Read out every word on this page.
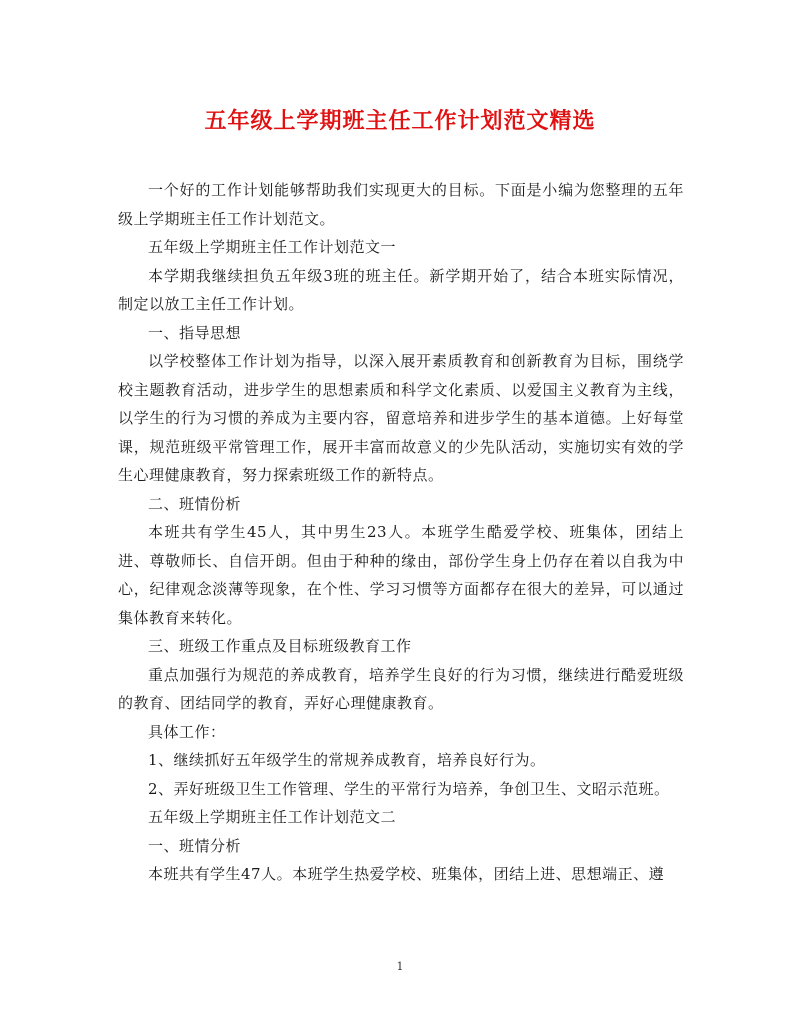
五年级上学期班主任工作计划范文精选

一个好的工作计划能够帮助我们实现更大的目标。下面是小编为您整理的五年级上学期班主任工作计划范文。

五年级上学期班主任工作计划范文一

本学期我继续担负五年级3班的班主任。新学期开始了，结合本班实际情况，制定以放工主任工作计划。

一、指导思想

以学校整体工作计划为指导，以深入展开素质教育和创新教育为目标，围绕学校主题教育活动，进步学生的思想素质和科学文化素质、以爱国主义教育为主线，以学生的行为习惯的养成为主要内容，留意培养和进步学生的基本道德。上好每堂课，规范班级平常管理工作，展开丰富而故意义的少先队活动，实施切实有效的学生心理健康教育，努力探索班级工作的新特点。

二、班情份析

本班共有学生45人，其中男生23人。本班学生酷爱学校、班集体，团结上进、尊敬师长、自信开朗。但由于种种的缘由，部份学生身上仍存在着以自我为中心，纪律观念淡薄等现象，在个性、学习习惯等方面都存在很大的差异，可以通过集体教育来转化。

三、班级工作重点及目标班级教育工作

重点加强行为规范的养成教育，培养学生良好的行为习惯，继续进行酷爱班级的教育、团结同学的教育，弄好心理健康教育。

具体工作：

1、继续抓好五年级学生的常规养成教育，培养良好行为。

2、弄好班级卫生工作管理、学生的平常行为培养，争创卫生、文昭示范班。

五年级上学期班主任工作计划范文二

一、班情分析

本班共有学生47人。本班学生热爱学校、班集体，团结上进、思想端正、遵

1
